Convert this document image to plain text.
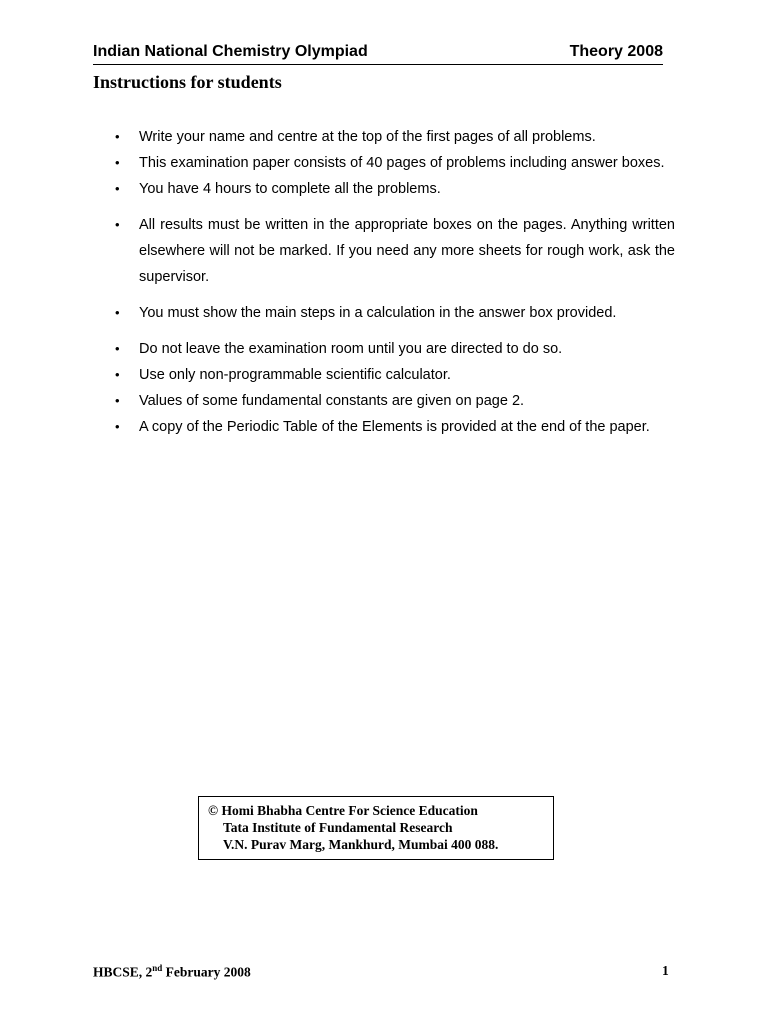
Indian National Chemistry Olympiad	Theory 2008
Instructions for students
• Write your name and centre at the top of the first pages of all problems.
• This examination paper consists of 40 pages of problems including answer boxes.
• You have 4 hours to complete all the problems.
• All results must be written in the appropriate boxes on the pages. Anything written elsewhere will not be marked. If you need any more sheets for rough work, ask the supervisor.
• You must show the main steps in a calculation in the answer box provided.
• Do not leave the examination room until you are directed to do so.
• Use only non-programmable scientific calculator.
• Values of some fundamental constants are given on page 2.
• A copy of the Periodic Table of the Elements is provided at the end of the paper.
© Homi Bhabha Centre For Science Education
Tata Institute of Fundamental Research
V.N. Purav Marg, Mankhurd, Mumbai 400 088.
HBCSE, 2nd February 2008	1
